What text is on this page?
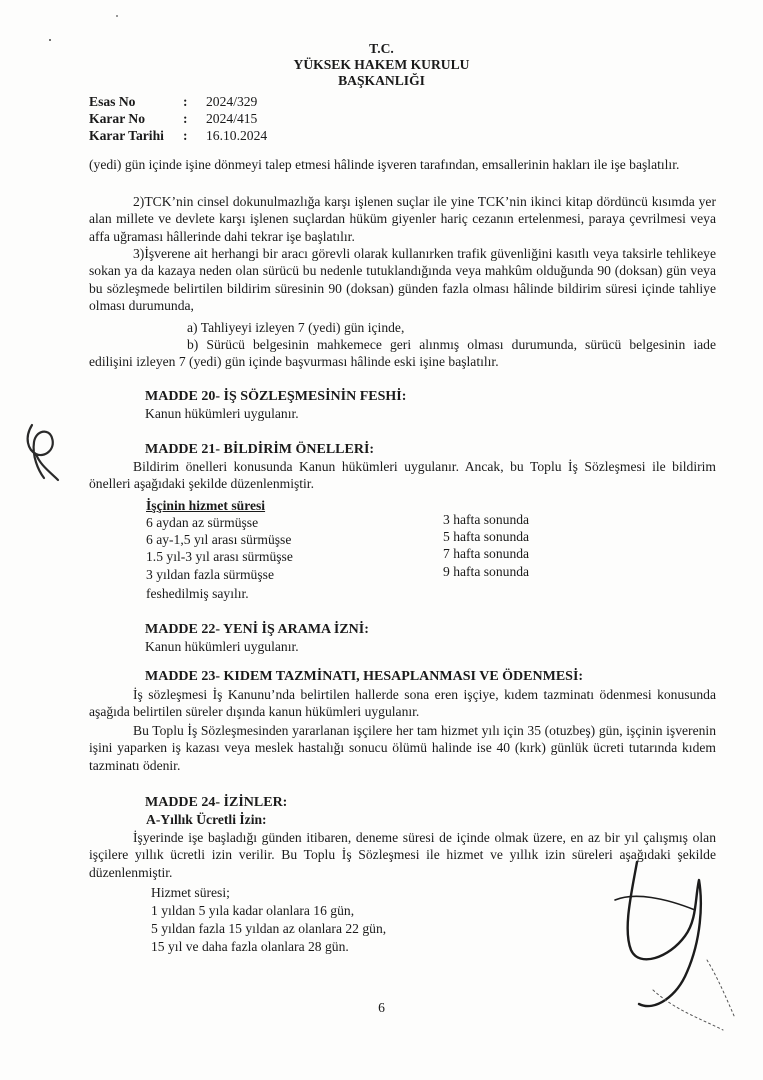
T.C.
YÜKSEK HAKEM KURULU
BAŞKANLIĞI
Esas No	: 2024/329
Karar No	: 2024/415
Karar Tarihi : 16.10.2024
(yedi) gün içinde işine dönmeyi talep etmesi hâlinde işveren tarafından, emsallerinin hakları ile işe başlatılır.
2)TCK’nin cinsel dokunulmazlığa karşı işlenen suçlar ile yine TCK’nin ikinci kitap dördüncü kısımda yer alan millete ve devlete karşı işlenen suçlardan hüküm giyenler hariç cezanın ertelenmesi, paraya çevrilmesi veya affa uğraması hâllerinde dahi tekrar işe başlatılır.
3)İşverene ait herhangi bir aracı görevli olarak kullanırken trafik güvenliğini kasıtlı veya taksirle tehlikeye sokan ya da kazaya neden olan sürücü bu nedenle tutuklandığında veya mahkûm olduğunda 90 (doksan) gün veya bu sözleşmede belirtilen bildirim süresinin 90 (doksan) günden fazla olması hâlinde bildirim süresi içinde tahliye olması durumunda,
a) Tahliyeyi izleyen 7 (yedi) gün içinde,
b) Sürücü belgesinin mahkemece geri alınmış olması durumunda, sürücü belgesinin iade edilişini izleyen 7 (yedi) gün içinde başvurması hâlinde eski işine başlatılır.
MADDE 20- İŞ SÖZLEŞMESİNİN FESHİ:
Kanun hükümleri uygulanır.
MADDE 21- BİLDİRİM ÖNELLERİ:
Bildirim önelleri konusunda Kanun hükümleri uygulanır. Ancak, bu Toplu İş Sözleşmesi ile bildirim önelleri aşağıdaki şekilde düzenlenmiştir.
İşçinin hizmet süresi
6 aydan az sürmüşse	3 hafta sonunda
6 ay-1,5 yıl arası sürmüşse	5 hafta sonunda
1.5 yıl-3 yıl arası sürmüşse	7 hafta sonunda
3 yıldan fazla sürmüşse	9 hafta sonunda
feshedilmiş sayılır.
MADDE 22- YENİ İŞ ARAMA İZNİ:
Kanun hükümleri uygulanır.
MADDE 23- KIDEM TAZMİNATI, HESAPLANMASI VE ÖDENMESİ:
İş sözleşmesi İş Kanunu’nda belirtilen hallerde sona eren işçiye, kıdem tazminatı ödenmesi konusunda aşağıda belirtilen süreler dışında kanun hükümleri uygulanır.
Bu Toplu İş Sözleşmesinden yararlanan işçilere her tam hizmet yılı için 35 (otuzbeş) gün, işçinin işverenin işini yaparken iş kazası veya meslek hastalığı sonucu ölümü halinde ise 40 (kırk) günlük ücreti tutarında kıdem tazminatı ödenir.
MADDE 24- İZİNLER:
A-Yıllık Ücretli İzin:
İşyerinde işe başladığı günden itibaren, deneme süresi de içinde olmak üzere, en az bir yıl çalışmış olan işçilere yıllık ücretli izin verilir. Bu Toplu İş Sözleşmesi ile hizmet ve yıllık izin süreleri aşağıdaki şekilde düzenlenmiştir.
Hizmet süresi;
1 yıldan 5 yıla kadar olanlara 16 gün,
5 yıldan fazla 15 yıldan az olanlara 22 gün,
15 yıl ve daha fazla olanlara 28 gün.
6
